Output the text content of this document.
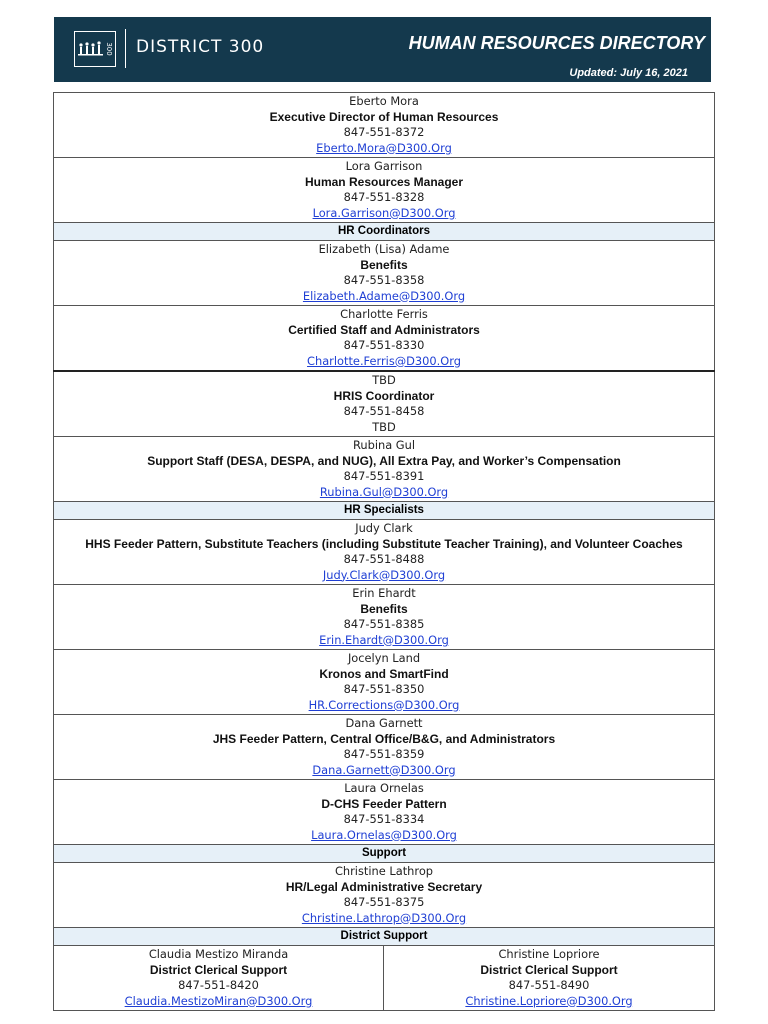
300 DISTRICT 300	HUMAN RESOURCES DIRECTORY
Updated: July 16, 2021
Eberto Mora
Executive Director of Human Resources
847-551-8372
Eberto.Mora@D300.Org

Lora Garrison
Human Resources Manager
847-551-8328
Lora.Garrison@D300.Org

HR Coordinators

Elizabeth (Lisa) Adame
Benefits
847-551-8358
Elizabeth.Adame@D300.Org

Charlotte Ferris
Certified Staff and Administrators
847-551-8330
Charlotte.Ferris@D300.Org

TBD
HRIS Coordinator
847-551-8458
TBD

Rubina Gul
Support Staff (DESA, DESPA, and NUG), All Extra Pay, and Worker’s Compensation
847-551-8391
Rubina.Gul@D300.Org

HR Specialists

Judy Clark
HHS Feeder Pattern, Substitute Teachers (including Substitute Teacher Training), and Volunteer Coaches
847-551-8488
Judy.Clark@D300.Org

Erin Ehardt
Benefits
847-551-8385
Erin.Ehardt@D300.Org

Jocelyn Land
Kronos and SmartFind
847-551-8350
HR.Corrections@D300.Org

Dana Garnett
JHS Feeder Pattern, Central Office/B&G, and Administrators
847-551-8359
Dana.Garnett@D300.Org

Laura Ornelas
D-CHS Feeder Pattern
847-551-8334
Laura.Ornelas@D300.Org

Support

Christine Lathrop
HR/Legal Administrative Secretary
847-551-8375
Christine.Lathrop@D300.Org

District Support

Claudia Mestizo Miranda
District Clerical Support
847-551-8420
Claudia.MestizoMiran@D300.Org

Christine Lopriore
District Clerical Support
847-551-8490
Christine.Lopriore@D300.Org
